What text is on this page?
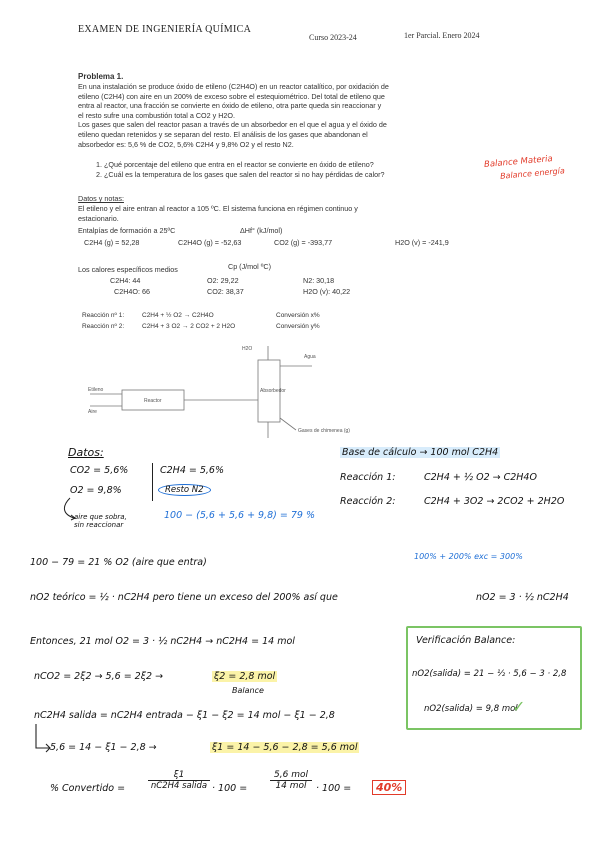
EXAMEN DE INGENIERÍA QUÍMICA
Curso 2023-24	1er Parcial. Enero 2024
Problema 1.
En una instalación se produce óxido de etileno (C2H4O) en un reactor catalítico, por oxidación de
etileno (C2H4) con aire en un 200% de exceso sobre el estequiométrico. Del total de etileno que
entra al reactor, una fracción se convierte en óxido de etileno, otra parte queda sin reaccionar y
el resto sufre una combustión total a CO2 y H2O.
Los gases que salen del reactor pasan a través de un absorbedor en el que el agua y el óxido de
etileno quedan retenidos y se separan del resto. El análisis de los gases que abandonan el
absorbedor es: 5,6 % de CO2, 5,6% C2H4 y 9,8% O2 y el resto N2.
1. ¿Qué porcentaje del etileno que entra en el reactor se convierte en óxido de etileno?
2. ¿Cuál es la temperatura de los gases que salen del reactor si no hay pérdidas de calor?
Balance Materia
Balance energía
Datos y notas:
El etileno y el aire entran al reactor a 105 ºC. El sistema funciona en régimen continuo y
estacionario.
Entalpías de formación a 25ºC	ΔHf° (kJ/mol)
C2H4 (g) = 52,28	C2H4O (g) = -52,63	CO2 (g) = -393,77	H2O (v) = -241,9
Los calores específicos medios	Cp (J/mol ºC)
C2H4: 44	O2: 29,22	N2: 30,18
C2H4O: 66	CO2: 38,37	H2O (v): 40,22
Reacción nº 1:	C2H4 + ½ O2 → C2H4O	Conversión x%
Reacción nº 2:	C2H4 + 3 O2 → 2 CO2 + 2 H2O	Conversión y%
H2O
Agua
Etileno
Aire
Reactor
Absorbedor
Gases de chimenea (g)
Datos:
CO2 = 5,6%
O2 = 9,8%
C2H4 = 5,6%
Resto N2
aire que sobra,
sin reaccionar
100 − (5,6 + 5,6 + 9,8) = 79 %
Base de cálculo → 100 mol C2H4
Reacción 1:	C2H4 + ½ O2 → C2H4O
Reacción 2:	C2H4 + 3O2 → 2CO2 + 2H2O
100 − 79 = 21 % O2 (aire que entra)
100% + 200% exc = 300%
nO2 teórico = ½ · nC2H4 pero tiene un exceso del 200% así que	nO2 = 3 · ½ nC2H4
Entonces, 21 mol O2 = 3 · ½ nC2H4 → nC2H4 = 14 mol
nCO2 = 2ξ2 → 5,6 = 2ξ2 →	ξ2 = 2,8 mol
Balance
nC2H4 salida = nC2H4 entrada − ξ1 − ξ2 = 14 mol − ξ1 − 2,8
5,6 = 14 − ξ1 − 2,8 →	ξ1 = 14 − 5,6 − 2,8 = 5,6 mol
% Convertido =
ξ1
nC2H4 salida · 100 =
5,6 mol
14 mol · 100 =	40%
Verificación Balance:
nO2(salida) = 21 − ½ · 5,6 − 3 · 2,8
nO2(salida) = 9,8 mol
✓
